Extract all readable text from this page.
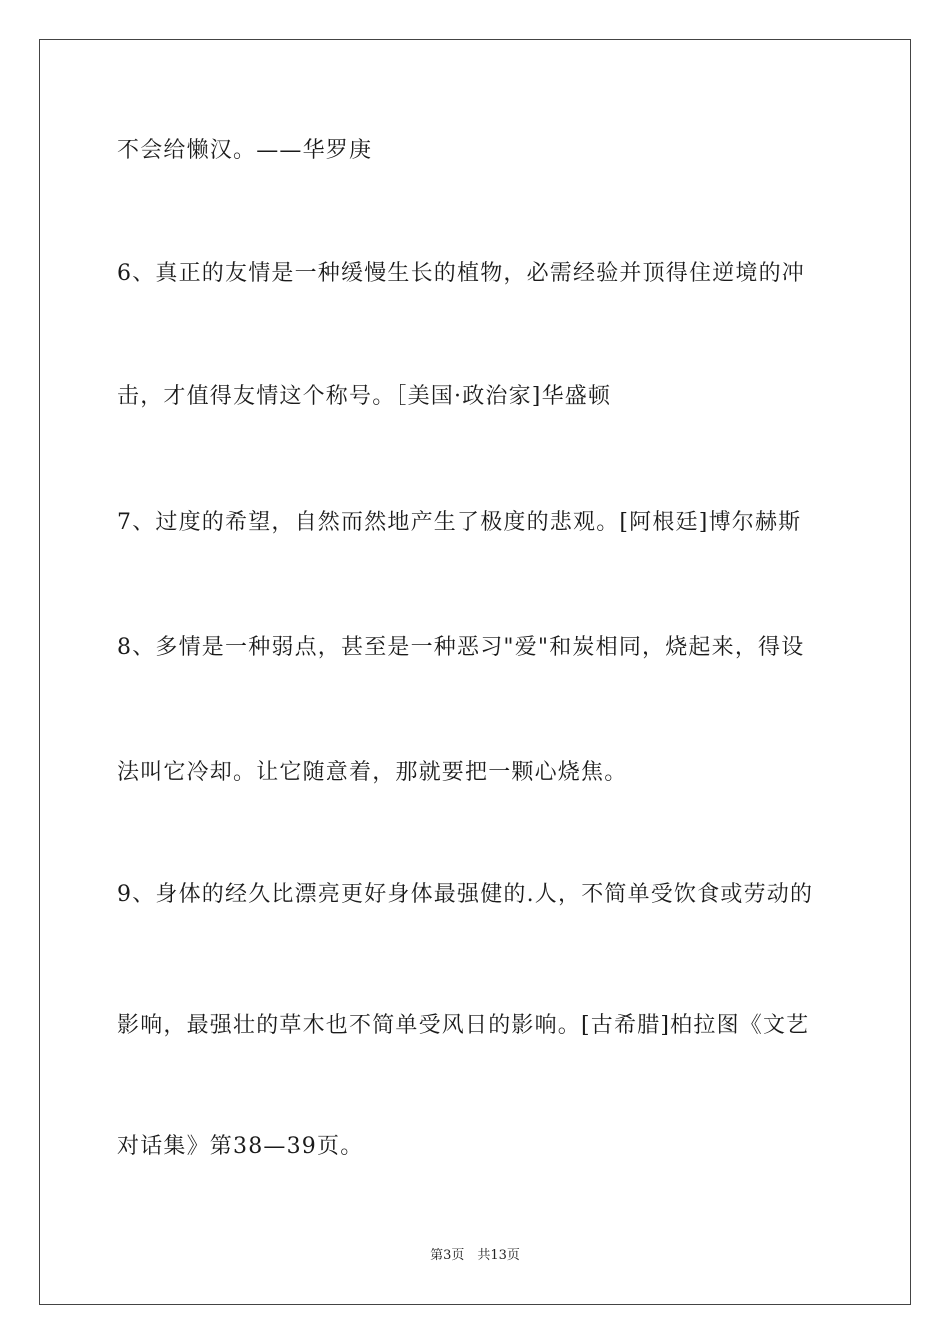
不会给懒汉。——华罗庚
6、真正的友情是一种缓慢生长的植物，必需经验并顶得住逆境的冲
击，才值得友情这个称号。［美国·政治家]华盛顿
7、过度的希望，自然而然地产生了极度的悲观。[阿根廷]博尔赫斯
8、多情是一种弱点，甚至是一种恶习"爱"和炭相同，烧起来，得设
法叫它冷却。让它随意着，那就要把一颗心烧焦。
9、身体的经久比漂亮更好身体最强健的.人，不简单受饮食或劳动的
影响，最强壮的草木也不简单受风日的影响。[古希腊]柏拉图《文艺
对话集》第38—39页。
第3页　共13页
